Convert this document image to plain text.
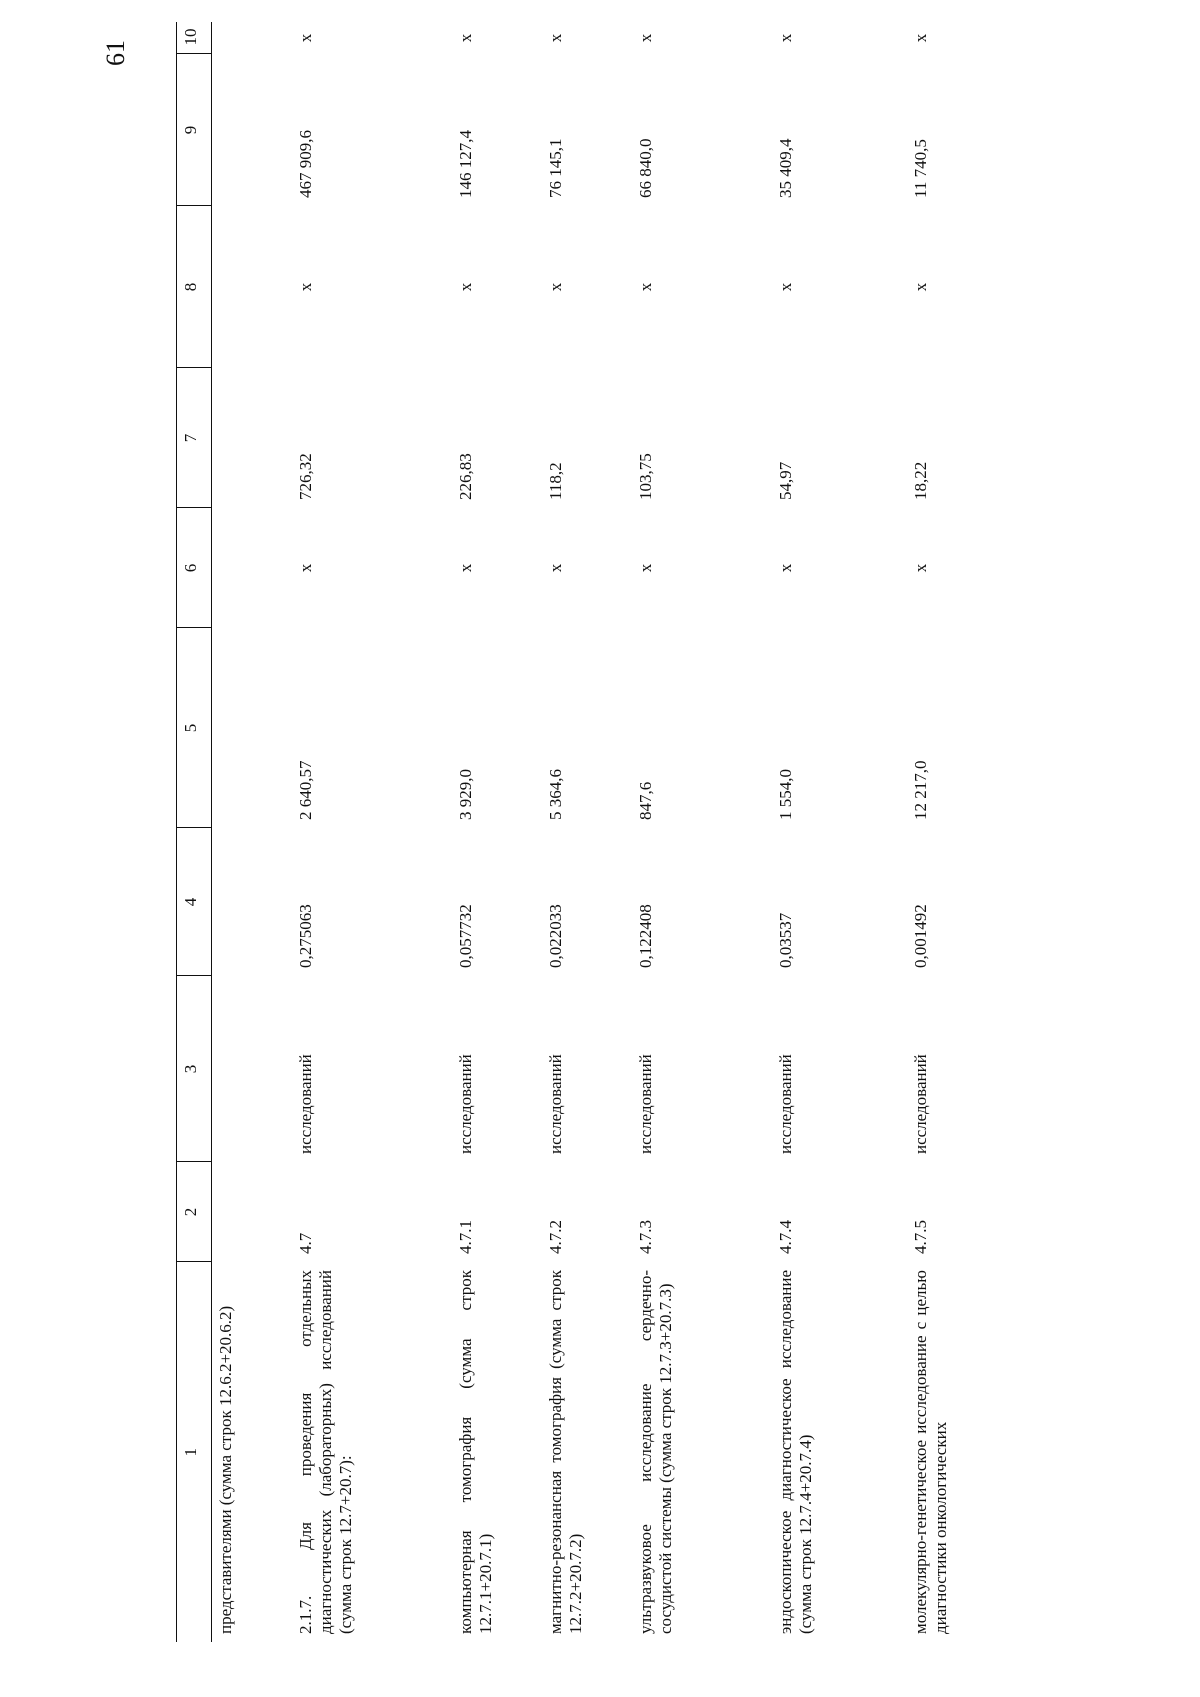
61
1	2	3	4	5	6	7	8	9	10
представителями (сумма строк 12.6.2+20.6.2)									
2.1.7. Для проведения отдельных диагностических (лабораторных) исследований (сумма строк 12.7+20.7):	4.7	исследований	0,275063	2 640,57	х	726,32	х	467 909,6	х
компьютерная томография (сумма строк 12.7.1+20.7.1)	4.7.1	исследований	0,057732	3 929,0	х	226,83	х	146 127,4	х
магнитно-резонансная томография (сумма строк 12.7.2+20.7.2)	4.7.2	исследований	0,022033	5 364,6	х	118,2	х	76 145,1	х
ультразвуковое исследование сердечно-сосудистой системы (сумма строк 12.7.3+20.7.3)	4.7.3	исследований	0,122408	847,6	х	103,75	х	66 840,0	х
эндоскопическое диагностическое исследование (сумма строк 12.7.4+20.7.4)	4.7.4	исследований	0,03537	1 554,0	х	54,97	х	35 409,4	х
молекулярно-генетическое исследование с целью диагностики онкологических	4.7.5	исследований	0,001492	12 217,0	х	18,22	х	11 740,5	х
